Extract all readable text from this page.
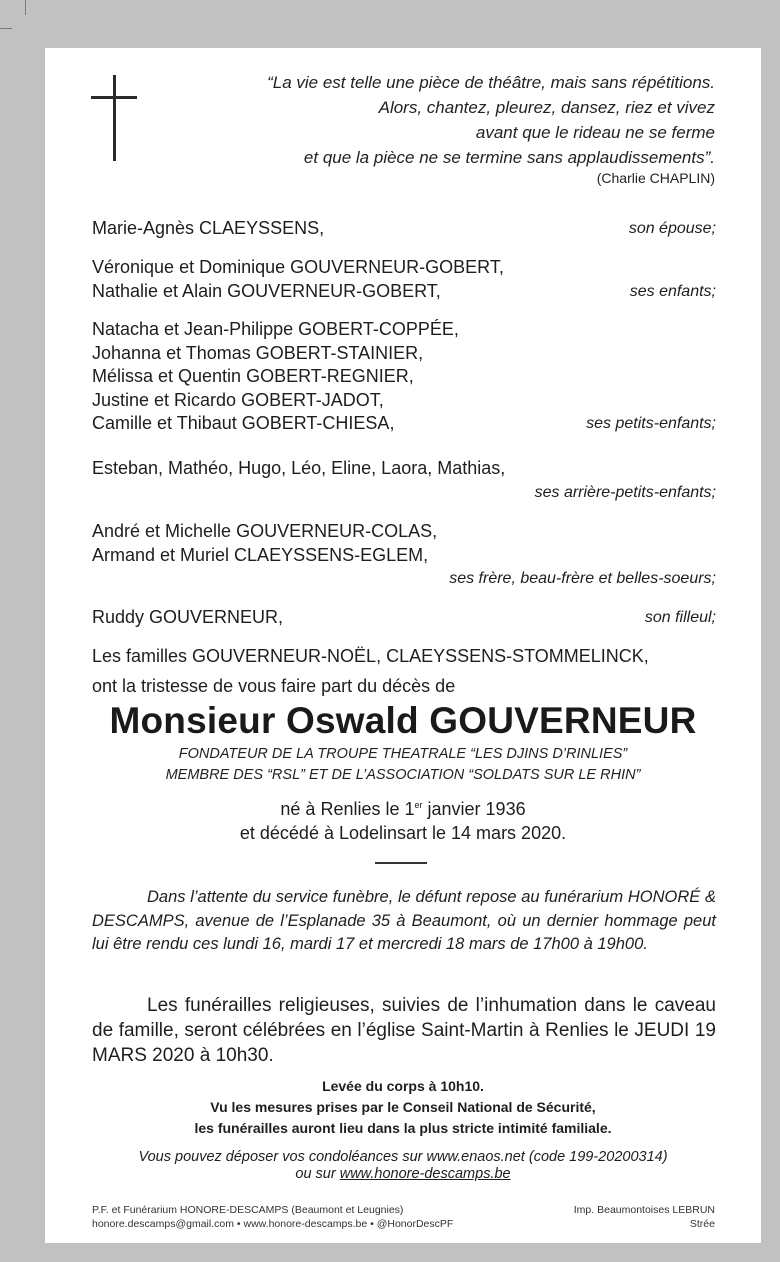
“La vie est telle une pièce de théâtre, mais sans répétitions.
Alors, chantez, pleurez, dansez, riez et vivez
avant que le rideau ne se ferme
et que la pièce ne se termine sans applaudissements”.
(Charlie CHAPLIN)
Marie-Agnès CLAEYSSENS,	son épouse;
Véronique et Dominique GOUVERNEUR-GOBERT,
Nathalie et Alain GOUVERNEUR-GOBERT,	ses enfants;
Natacha et Jean-Philippe GOBERT-COPPÉE,
Johanna et Thomas GOBERT-STAINIER,
Mélissa et Quentin GOBERT-REGNIER,
Justine et Ricardo GOBERT-JADOT,
Camille et Thibaut GOBERT-CHIESA,	ses petits-enfants;
Esteban, Mathéo, Hugo, Léo, Eline, Laora, Mathias,
ses arrière-petits-enfants;
André et Michelle GOUVERNEUR-COLAS,
Armand et Muriel CLAEYSSENS-EGLEM,
ses frère, beau-frère et belles-soeurs;
Ruddy GOUVERNEUR,	son filleul;
Les familles GOUVERNEUR-NOËL, CLAEYSSENS-STOMMELINCK,
ont la tristesse de vous faire part du décès de
Monsieur Oswald GOUVERNEUR
FONDATEUR DE LA TROUPE THEATRALE “LES DJINS D’RINLIES”
MEMBRE DES “RSL” ET DE L’ASSOCIATION “SOLDATS SUR LE RHIN”
né à Renlies le 1er janvier 1936
et décédé à Lodelinsart le 14 mars 2020.
Dans l’attente du service funèbre, le défunt repose au funérarium HONORÉ & DESCAMPS, avenue de l’Esplanade 35 à Beaumont, où un dernier hommage peut lui être rendu ces lundi 16, mardi 17 et mercredi 18 mars de 17h00 à 19h00.
Les funérailles religieuses, suivies de l’inhumation dans le caveau de famille, seront célébrées en l’église Saint-Martin à Renlies le JEUDI 19 MARS 2020 à 10h30.
Levée du corps à 10h10.
Vu les mesures prises par le Conseil National de Sécurité,
les funérailles auront lieu dans la plus stricte intimité familiale.
Vous pouvez déposer vos condoléances sur www.enaos.net (code 199-20200314)
ou sur www.honore-descamps.be
P.F. et Funérarium HONORE-DESCAMPS (Beaumont et Leugnies)
honore.descamps@gmail.com • www.honore-descamps.be • @HonorDescPF
Imp. Beaumontoises LEBRUN
Strée
